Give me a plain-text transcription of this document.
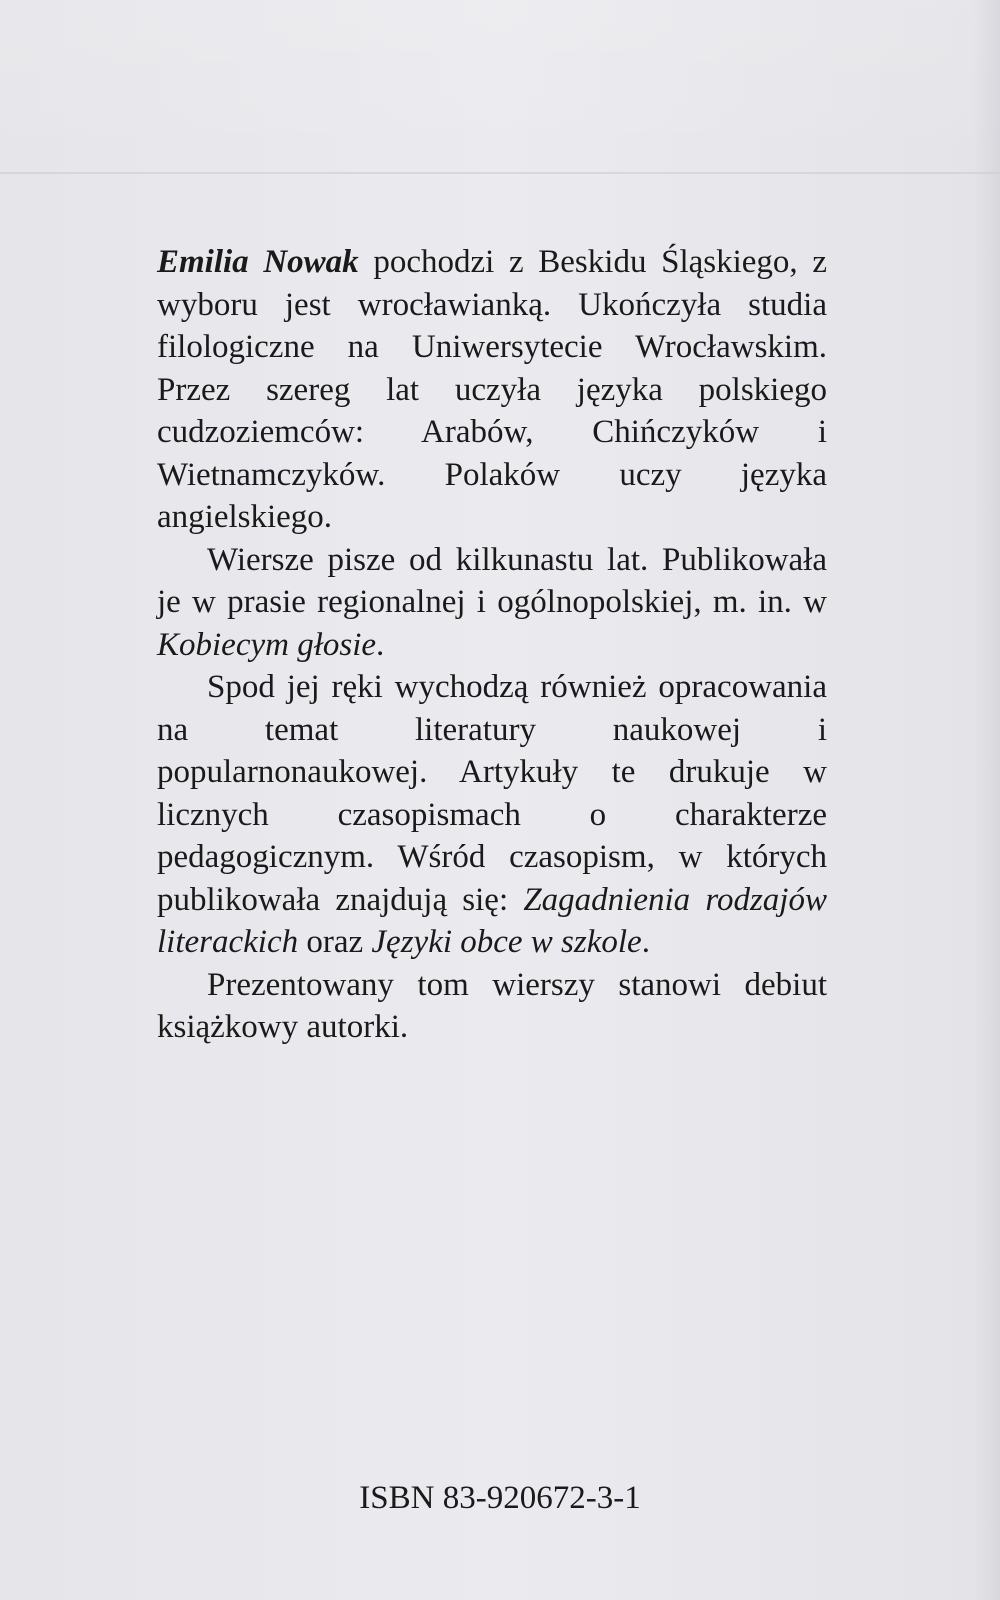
Emilia Nowak pochodzi z Beskidu Śląskiego, z wyboru jest wrocławianką. Ukończyła studia filologiczne na Uniwersytecie Wrocławskim. Przez szereg lat uczyła języka polskiego cudzoziemców: Arabów, Chińczyków i Wietnamczyków. Polaków uczy języka angielskiego.

Wiersze pisze od kilkunastu lat. Publikowała je w prasie regionalnej i ogólnopolskiej, m. in. w Kobiecym głosie.

Spod jej ręki wychodzą również opracowania na temat literatury naukowej i popularnonaukowej. Artykuły te drukuje w licznych czasopismach o charakterze pedagogicznym. Wśród czasopism, w których publikowała znajdują się: Zagadnienia rodzajów literackich oraz Języki obce w szkole.

Prezentowany tom wierszy stanowi debiut książkowy autorki.

ISBN 83-920672-3-1
